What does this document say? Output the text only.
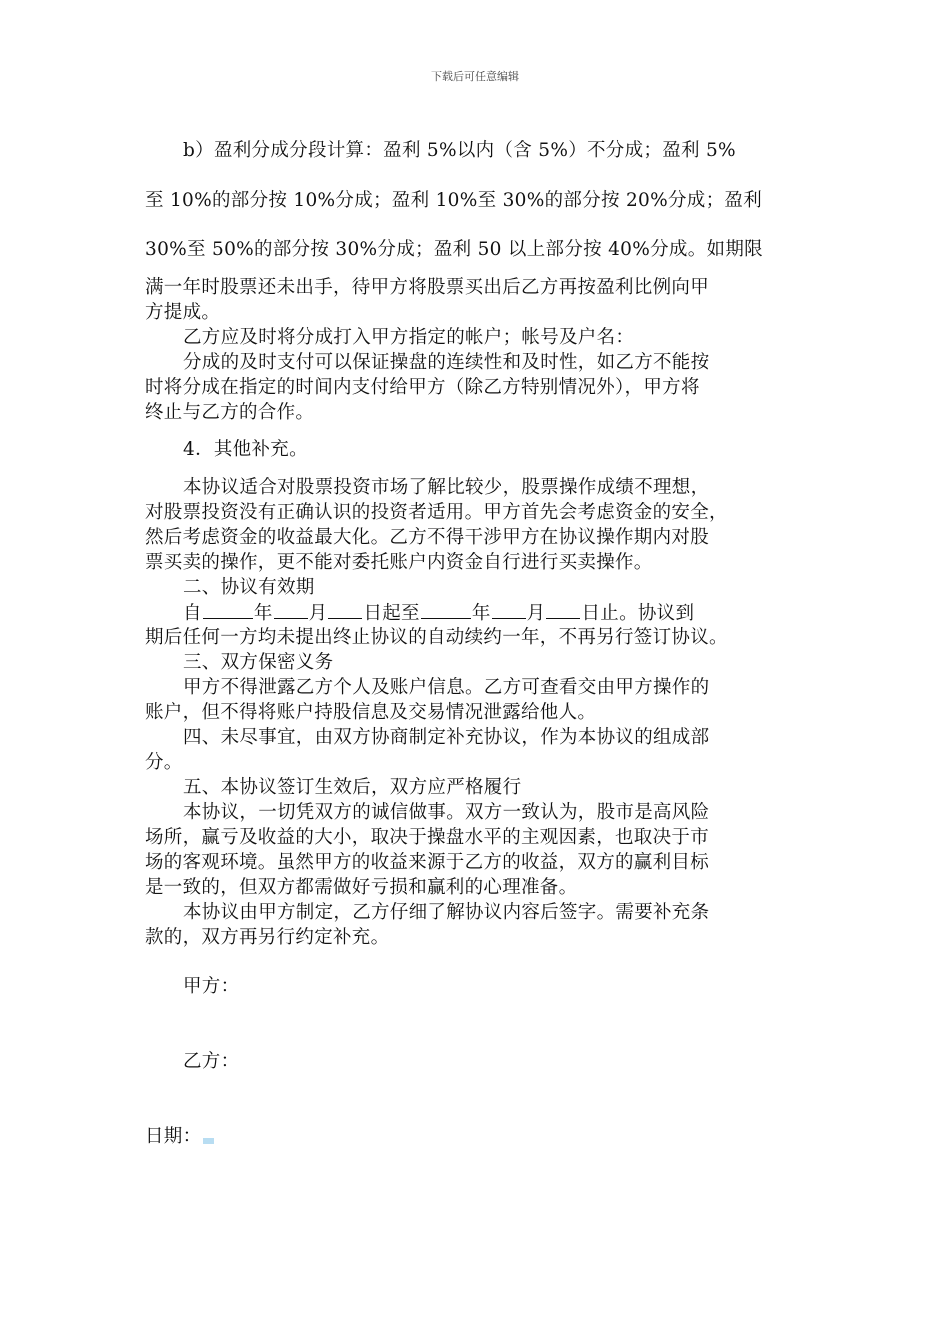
下载后可任意编辑
b）盈利分成分段计算：盈利 5%以内（含 5%）不分成；盈利 5%
至 10%的部分按 10%分成；盈利 10%至 30%的部分按 20%分成；盈利
30%至 50%的部分按 30%分成；盈利 50 以上部分按 40%分成。如期限
满一年时股票还未出手，待甲方将股票买出后乙方再按盈利比例向甲
方提成。
乙方应及时将分成打入甲方指定的帐户；帐号及户名：
分成的及时支付可以保证操盘的连续性和及时性，如乙方不能按
时将分成在指定的时间内支付给甲方（除乙方特别情况外），甲方将
终止与乙方的合作。
4．其他补充。
本协议适合对股票投资市场了解比较少，股票操作成绩不理想，
对股票投资没有正确认识的投资者适用。甲方首先会考虑资金的安全，
然后考虑资金的收益最大化。乙方不得干涉甲方在协议操作期内对股
票买卖的操作，更不能对委托账户内资金自行进行买卖操作。
二、协议有效期
自	年 月 日起至	年 月 日止。协议到
期后任何一方均未提出终止协议的自动续约一年，不再另行签订协议。
三、双方保密义务
甲方不得泄露乙方个人及账户信息。乙方可查看交由甲方操作的
账户，但不得将账户持股信息及交易情况泄露给他人。
四、未尽事宜，由双方协商制定补充协议，作为本协议的组成部
分。
五、本协议签订生效后，双方应严格履行
本协议，一切凭双方的诚信做事。双方一致认为，股市是高风险
场所，赢亏及收益的大小，取决于操盘水平的主观因素，也取决于市
场的客观环境。虽然甲方的收益来源于乙方的收益，双方的赢利目标
是一致的，但双方都需做好亏损和赢利的心理准备。
本协议由甲方制定，乙方仔细了解协议内容后签字。需要补充条
款的，双方再另行约定补充。
甲方：
乙方：
日期：
